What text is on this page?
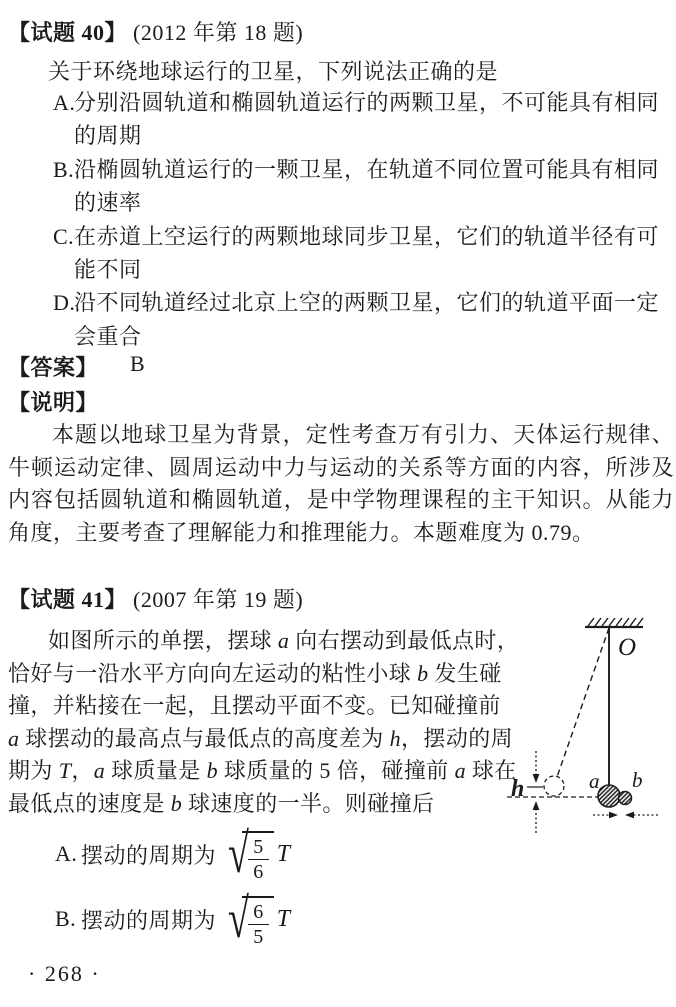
【试题 40】 (2012 年第 18 题)
关于环绕地球运行的卫星，下列说法正确的是
A.
分别沿圆轨道和椭圆轨道运行的两颗卫星，不可能具有相同的周期
B. 沿椭圆轨道运行的一颗卫星，在轨道不同位置可能具有相同的速率
C. 在赤道上空运行的两颗地球同步卫星，它们的轨道半径有可能不同
D.
沿不同轨道经过北京上空的两颗卫星，它们的轨道平面一定会重合
【答案】 B
【说明】
本题以地球卫星为背景，定性考查万有引力、天体运行规律、牛顿运动定律、圆周运动中力与运动的关系等方面的内容，所涉及内容包括圆轨道和椭圆轨道，是中学物理课程的主干知识。从能力角度，主要考查了理解能力和推理能力。本题难度为 0.79。
【试题 41】 (2007 年第 19 题)
如图所示的单摆，摆球 a 向右摆动到最低点时，
恰好与一沿水平方向向左运动的粘性小球 b 发生碰
撞，并粘接在一起，且摆动平面不变。已知碰撞前
a 球摆动的最高点与最低点的高度差为 h，摆动的周
期为 T，a 球质量是 b 球质量的 5 倍，碰撞前 a 球在
最低点的速度是 b 球速度的一半。则碰撞后
A. 摆动的周期为 √ 5
6
T
B. 摆动的周期为 √ 6
5
T
O
h	a b
· 268 ·
